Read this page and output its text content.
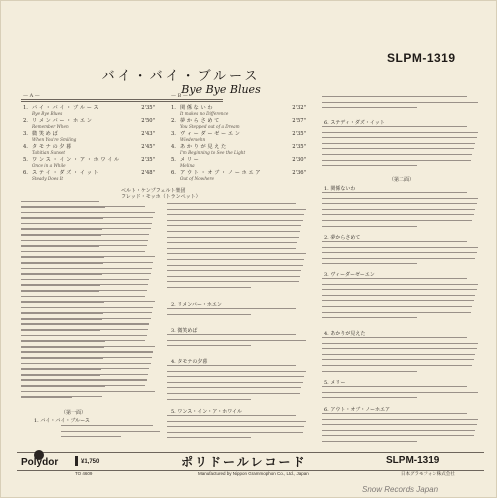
SLPM-1319
バイ・バイ・ブルース
Bye Bye Blues
— A —	— B —
1. バ イ ・ バ イ ・ ブ ル ー ス	2'35"
Bye Bye Blues
2. リ メ ン バ ー ・ ホ エ ン	2'50"
Remember When
3. 微 笑 め ば	2'43"
When You're Smiling
4. タ モ ナ の 夕 暮	2'45"
Tahitian Sunset
5. ワ ン ス ・ イ ン ・ ア ・ ホ ワ イ ル	2'35"
Once in a While
6. ス テ イ ・ ダ ズ ・ イ ッ ト	2'48"
Steady Does It
1. 関 係 な い わ	2'32"
It makes no Difference
2. 夢 か ら さ め て	2'57"
You Stepped out of a Dream
3. ヴ ィ ー ダ ー ゼ ー エ ン	2'35"
Wiedersehn
4. あ か り が 見 え た	2'35"
I'm Beginning to See the Light
5. メ リ ー	2'30"
Melina
6. ア ウ ト ・ オ ブ ・ ノ ー ホ エ ア	2'36"
Out of Nowhere
ベルト・ケンプフェルト楽団
フレッド・モッホ（トランペット）
（第一面）
1. バイ・バイ・ブルース
2. リメンバー・ホエン
3. 微笑めば
4. タモナの夕暮
5. ワンス・イン・ア・ホワイル
6. ステディ・ダズ・イット
（第二面）
1. 関係ないわ
2. 夢からさめて
3. ヴィーダーゼーエン
4. あかりが見えた
5. メリー
6. アウト・オブ・ノーホエア
Polydor	¥1,750
TO 4609
ポリドールレコード	SLPM-1319
Manufactured by Nippon Grammophon Co., Ltd., Japan	日本グラモフォン株式会社
Snow Records Japan
